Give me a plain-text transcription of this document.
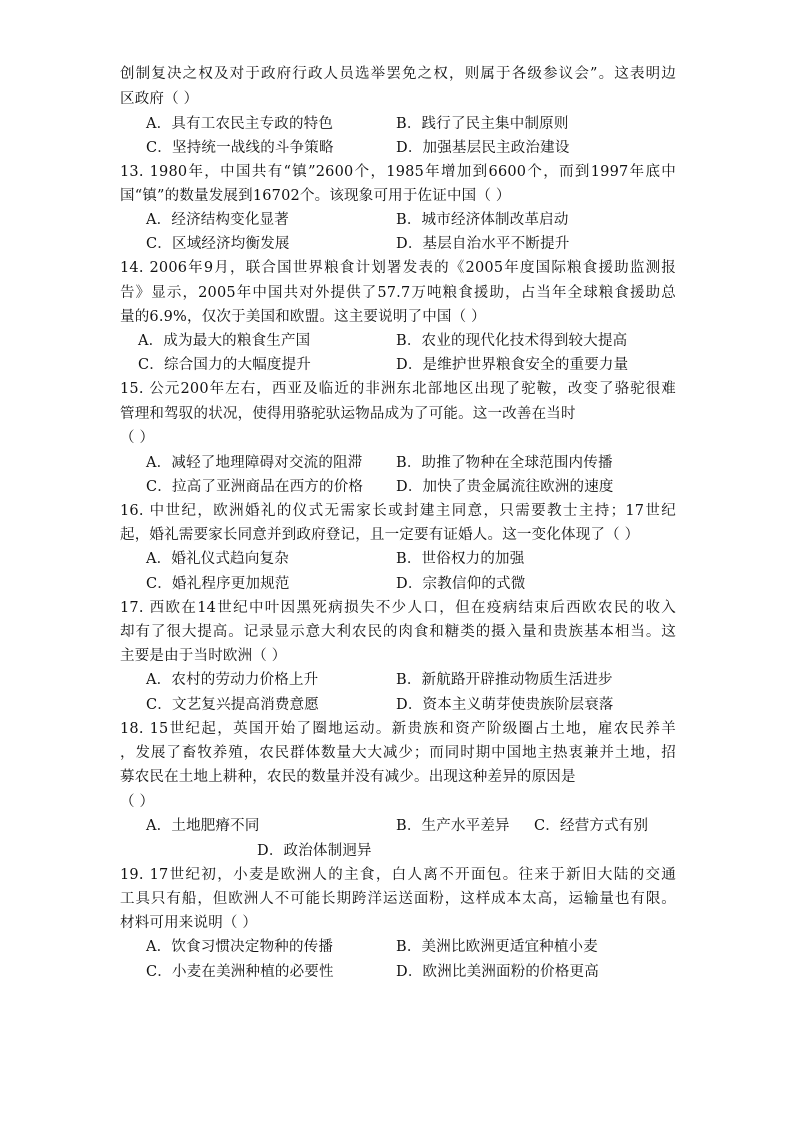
创制复决之权及对于政府行政人员选举罢免之权，则属于各级参议会”。这表明边
区政府（ ）
A．具有工农民主专政的特色	B．践行了民主集中制原则
C．坚持统一战线的斗争策略	D．加强基层民主政治建设
13. 1980年，中国共有“镇”2600个，1985年增加到6600个，而到1997年底中
国“镇”的数量发展到16702个。该现象可用于佐证中国（ ）
A．经济结构变化显著	B．城市经济体制改革启动
C．区域经济均衡发展	D．基层自治水平不断提升
14. 2006年9月，联合国世界粮食计划署发表的《2005年度国际粮食援助监测报
告》显示，2005年中国共对外提供了57.7万吨粮食援助，占当年全球粮食援助总
量的6.9%，仅次于美国和欧盟。这主要说明了中国（ ）
A．成为最大的粮食生产国	B．农业的现代化技术得到较大提高
C．综合国力的大幅度提升	D．是维护世界粮食安全的重要力量
15. 公元200年左右，西亚及临近的非洲东北部地区出现了驼鞍，改变了骆驼很难
管理和驾驭的状况，使得用骆驼驮运物品成为了可能。这一改善在当时
（ ）
A．减轻了地理障碍对交流的阻滞 B．助推了物种在全球范围内传播
C．拉高了亚洲商品在西方的价格 D．加快了贵金属流往欧洲的速度
16. 中世纪，欧洲婚礼的仪式无需家长或封建主同意，只需要教士主持；17世纪
起，婚礼需要家长同意并到政府登记，且一定要有证婚人。这一变化体现了（ ）
A．婚礼仪式趋向复杂	B．世俗权力的加强
C．婚礼程序更加规范	D．宗教信仰的式微
17. 西欧在14世纪中叶因黑死病损失不少人口，但在疫病结束后西欧农民的收入
却有了很大提高。记录显示意大利农民的肉食和糖类的摄入量和贵族基本相当。这
主要是由于当时欧洲（ ）
A．农村的劳动力价格上升	B．新航路开辟推动物质生活进步
C．文艺复兴提高消费意愿	D．资本主义萌芽使贵族阶层衰落
18. 15世纪起，英国开始了圈地运动。新贵族和资产阶级圈占土地，雇农民养羊
，发展了畜牧养殖，农民群体数量大大减少；而同时期中国地主热衷兼并土地，招
募农民在土地上耕种，农民的数量并没有减少。出现这种差异的原因是
（ ）
A．土地肥瘠不同	B．生产水平差异 C．经营方式有别
D．政治体制迥异
19. 17世纪初，小麦是欧洲人的主食，白人离不开面包。往来于新旧大陆的交通
工具只有船，但欧洲人不可能长期跨洋运送面粉，这样成本太高，运输量也有限。
材料可用来说明（ ）
A．饮食习惯决定物种的传播	B．美洲比欧洲更适宜种植小麦
C．小麦在美洲种植的必要性	D．欧洲比美洲面粉的价格更高
